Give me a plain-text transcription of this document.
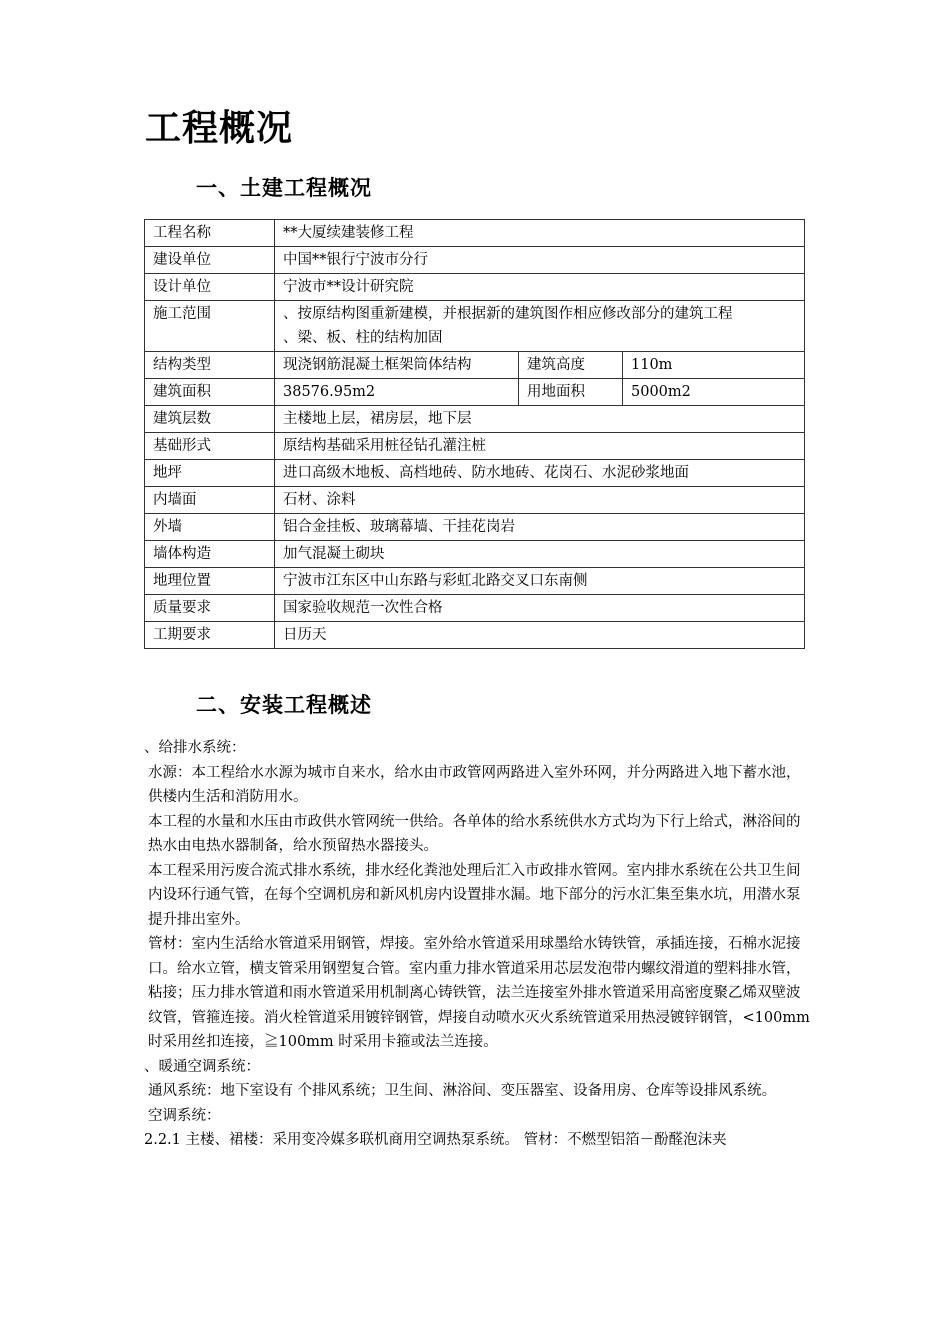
工程概况
一、土建工程概况
工程名称	**大厦续建装修工程		
建设单位	中国**银行宁波市分行		
设计单位	宁波市**设计研究院		
施工范围	、按原结构图重新建模，并根据新的建筑图作相应修改部分的建筑工程
、梁、板、柱的结构加固		

结构类型	现浇钢筋混凝土框架筒体结构	建筑高度	110m
建筑面积	38576.95m2	用地面积	5000m2
建筑层数	主楼地上层，裙房层，地下层		
基础形式	原结构基础采用桩径钻孔灌注桩		
地坪	进口高级木地板、高档地砖、防水地砖、花岗石、水泥砂浆地面		
内墙面	石材、涂料		
外墙	铝合金挂板、玻璃幕墙、干挂花岗岩		
墙体构造	加气混凝土砌块		
地理位置	宁波市江东区中山东路与彩虹北路交叉口东南侧		
质量要求	国家验收规范一次性合格		
工期要求	日历天		
二、安装工程概述

、给排水系统：

水源：本工程给水水源为城市自来水，给水由市政管网两路进入室外环网，并分两路进入地下蓄水池，供楼内生活和消防用水。

本工程的水量和水压由市政供水管网统一供给。各单体的给水系统供水方式均为下行上给式，淋浴间的热水由电热水器制备，给水预留热水器接头。

本工程采用污废合流式排水系统，排水经化粪池处理后汇入市政排水管网。室内排水系统在公共卫生间内设环行通气管，在每个空调机房和新风机房内设置排水漏。地下部分的污水汇集至集水坑，用潜水泵提升排出室外。

管材：室内生活给水管道采用钢管，焊接。室外给水管道采用球墨给水铸铁管，承插连接，石棉水泥接口。给水立管，横支管采用钢塑复合管。室内重力排水管道采用芯层发泡带内螺纹滑道的塑料排水管，粘接；压力排水管道和雨水管道采用机制离心铸铁管，法兰连接室外排水管道采用高密度聚乙烯双壁波纹管，管箍连接。消火栓管道采用镀锌钢管，焊接自动喷水灭火系统管道采用热浸镀锌钢管，<100mm 时采用丝扣连接，≧100mm 时采用卡箍或法兰连接。

、暖通空调系统：

通风系统：地下室设有 个排风系统；卫生间、淋浴间、变压器室、设备用房、仓库等设排风系统。

空调系统：

2.2.1 主楼、裙楼：采用变冷媒多联机商用空调热泵系统。 管材：不燃型铝箔－酚醛泡沫夹
